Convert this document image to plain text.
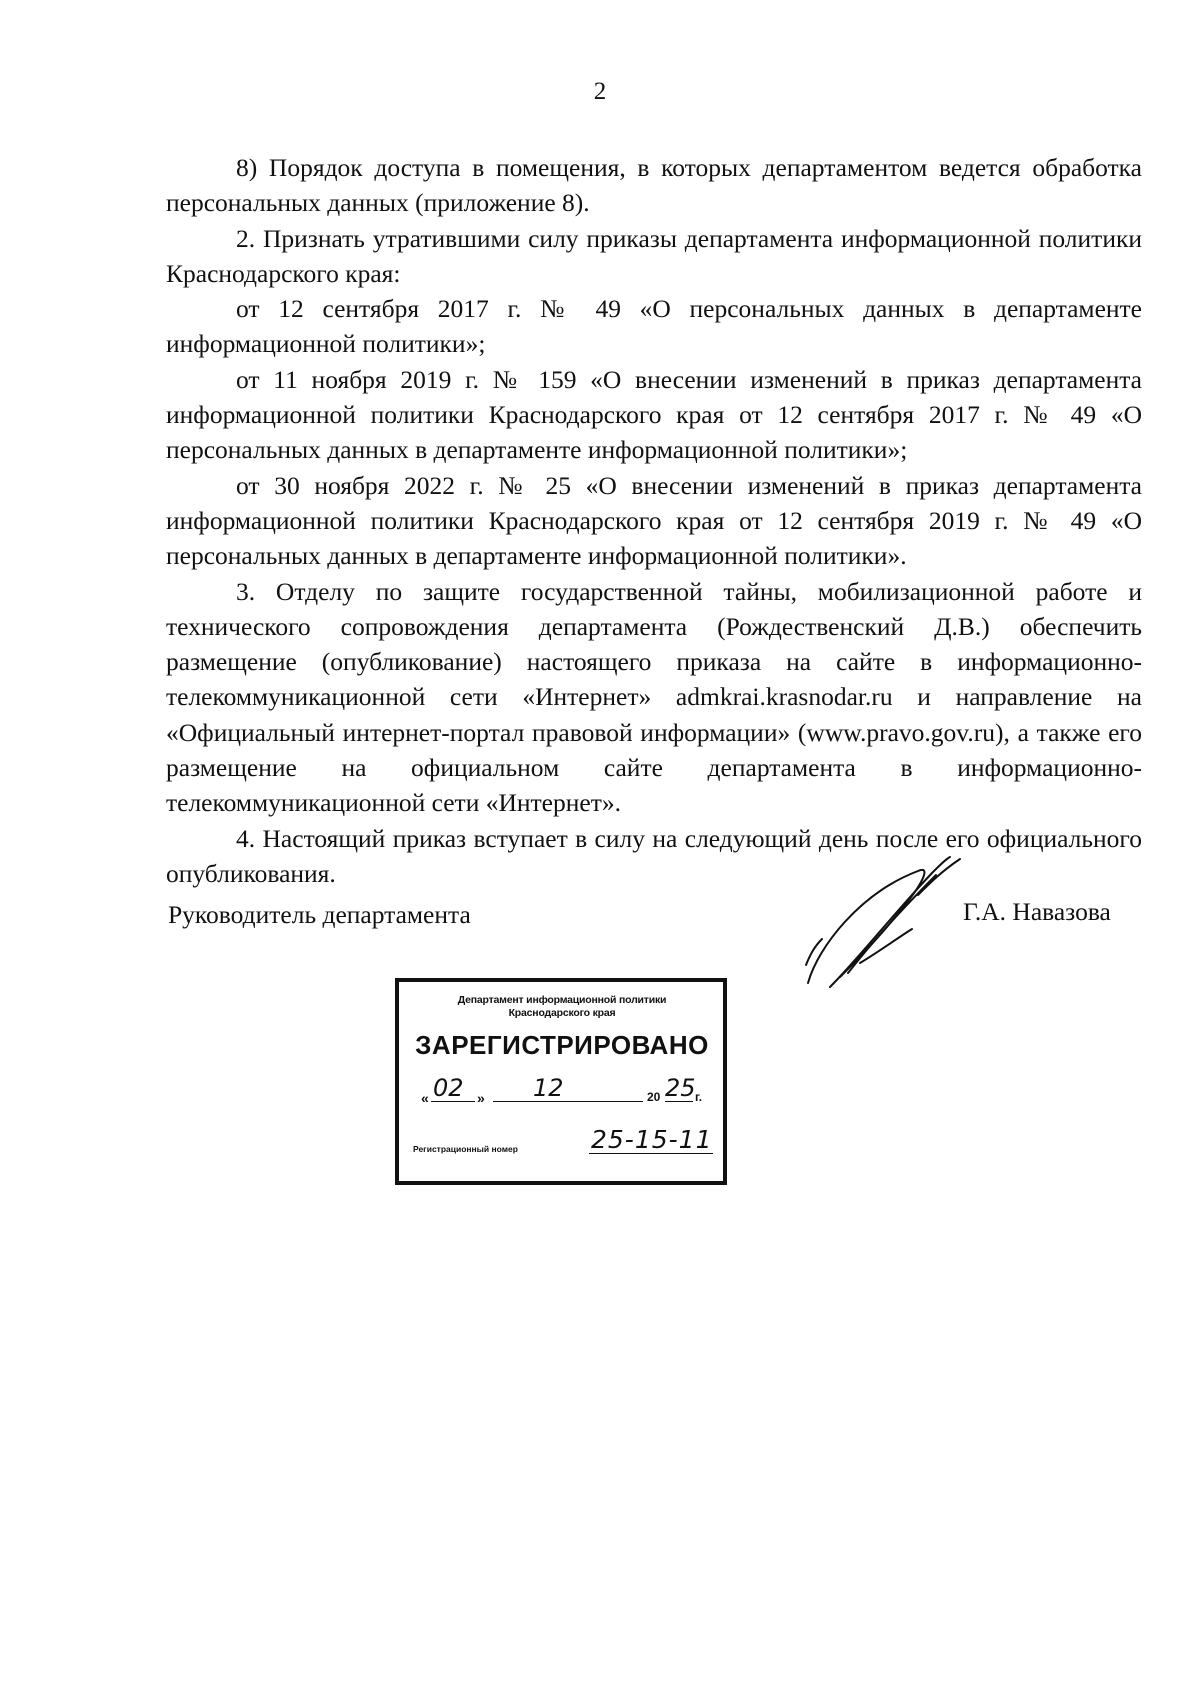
2

8) Порядок доступа в помещения, в которых департаментом ведется обработка персональных данных (приложение 8).

2. Признать утратившими силу приказы департамента информационной политики Краснодарского края:

от 12 сентября 2017 г. № 49 «О персональных данных в департаменте информационной политики»;

от 11 ноября 2019 г. № 159 «О внесении изменений в приказ департамента информационной политики Краснодарского края от 12 сентября 2017 г. № 49 «О персональных данных в департаменте информационной политики»;

от 30 ноября 2022 г. № 25 «О внесении изменений в приказ департамента информационной политики Краснодарского края от 12 сентября 2019 г. № 49 «О персональных данных в департаменте информационной политики».

3. Отделу по защите государственной тайны, мобилизационной работе и технического сопровождения департамента (Рождественский Д.В.) обеспечить размещение (опубликование) настоящего приказа на сайте в информационно-телекоммуникационной сети «Интернет» admkrai.krasnodar.ru и направление на «Официальный интернет-портал правовой информации» (www.pravo.gov.ru), а также его размещение на официальном сайте департамента в информационно-телекоммуникационной сети «Интернет».

4. Настоящий приказ вступает в силу на следующий день после его официального опубликования.

Руководитель департамента	Г.А. Навазова
Департамент информационной политики
Краснодарского края
ЗАРЕГИСТРИРОВАНО
« 02 » 12	20 25 г.
Регистрационный номер	25-15-11
